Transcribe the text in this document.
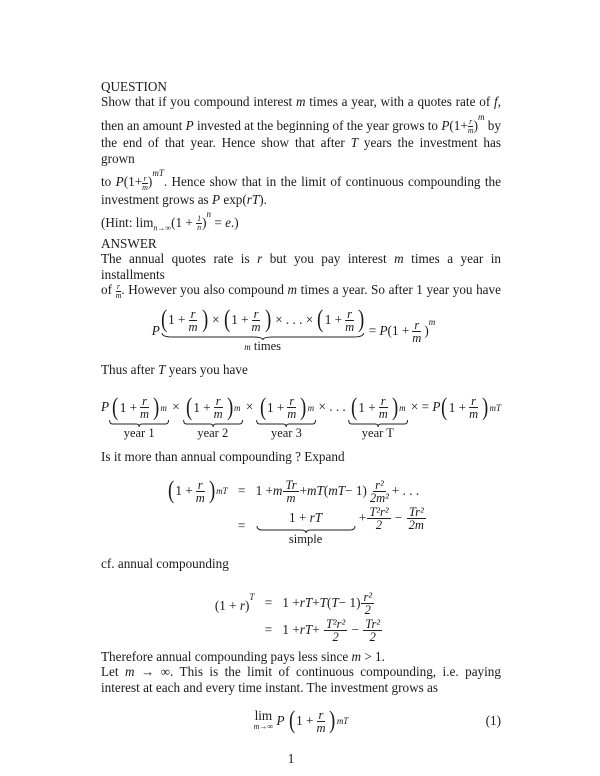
QUESTION

Show that if you compound interest m times a year, with a quotes rate of f,

then an amount P invested at the beginning of the year grows to $P(1+ \frac{r}{m} )^m$ by

the end of that year. Hence show that after T years the investment has grown

to $P(1+ \frac{r}{m} )^{mT}$. Hence show that in the limit of continuous compounding the

investment grows as P exp(rT).

(Hint: $\lim_{n\to\infty}(1 + \frac{1}{n} )^n = e$.)

ANSWER

The annual quotes rate is r but you pay interest m times a year in installments

of $\frac{r}{m}$ . However you also compound m times a year. So after 1 year you have

P ( $1 + \frac{r}{m}$ ) × ( $1 + \frac{r}{m}$ ) × . . . × ( $1 + \frac{r}{m}$ )
m times
= $P(1 + \frac{r}{m} )^m$

Thus after T years you have

P ( $1 + \frac{r}{m}$ ) m
year 1
× ( $1 + \frac{r}{m}$ ) m
year 2
× ( $1 + \frac{r}{m}$ ) m
year 3
× . . . ( $1 + \frac{r}{m}$ ) m
year T
× = P ( $1 + \frac{r}{m}$ ) mT

Is it more than annual compounding ? Expand

( $1 + \frac{r}{m}$ ) mT = 1 + m $\frac{Tr}{m}$ + mT ( mT − $1) \frac{\text{r²}}{\text{2m²}}$ + . . .
=
1 + rT
simple
+ $\frac{\text{T²r²}}{2} - \frac{\text{Tr²}}{2m}$

cf. annual compounding

$(1 + r)^T = 1$ + rT + T ( $T - 1) \frac{\text{r²}}{2}$
= 1 + rT + $\frac{\text{T²r²}}{2} - \frac{\text{Tr²}}{2}$

Therefore annual compounding pays less since m > 1.

Let m → ∞. This is the limit of continuous compounding, i.e. paying

interest at each and every time instant. The investment grows as

lim
m→∞
P
( $1 + \frac{r}{m}$ ) mT	(1)

1
